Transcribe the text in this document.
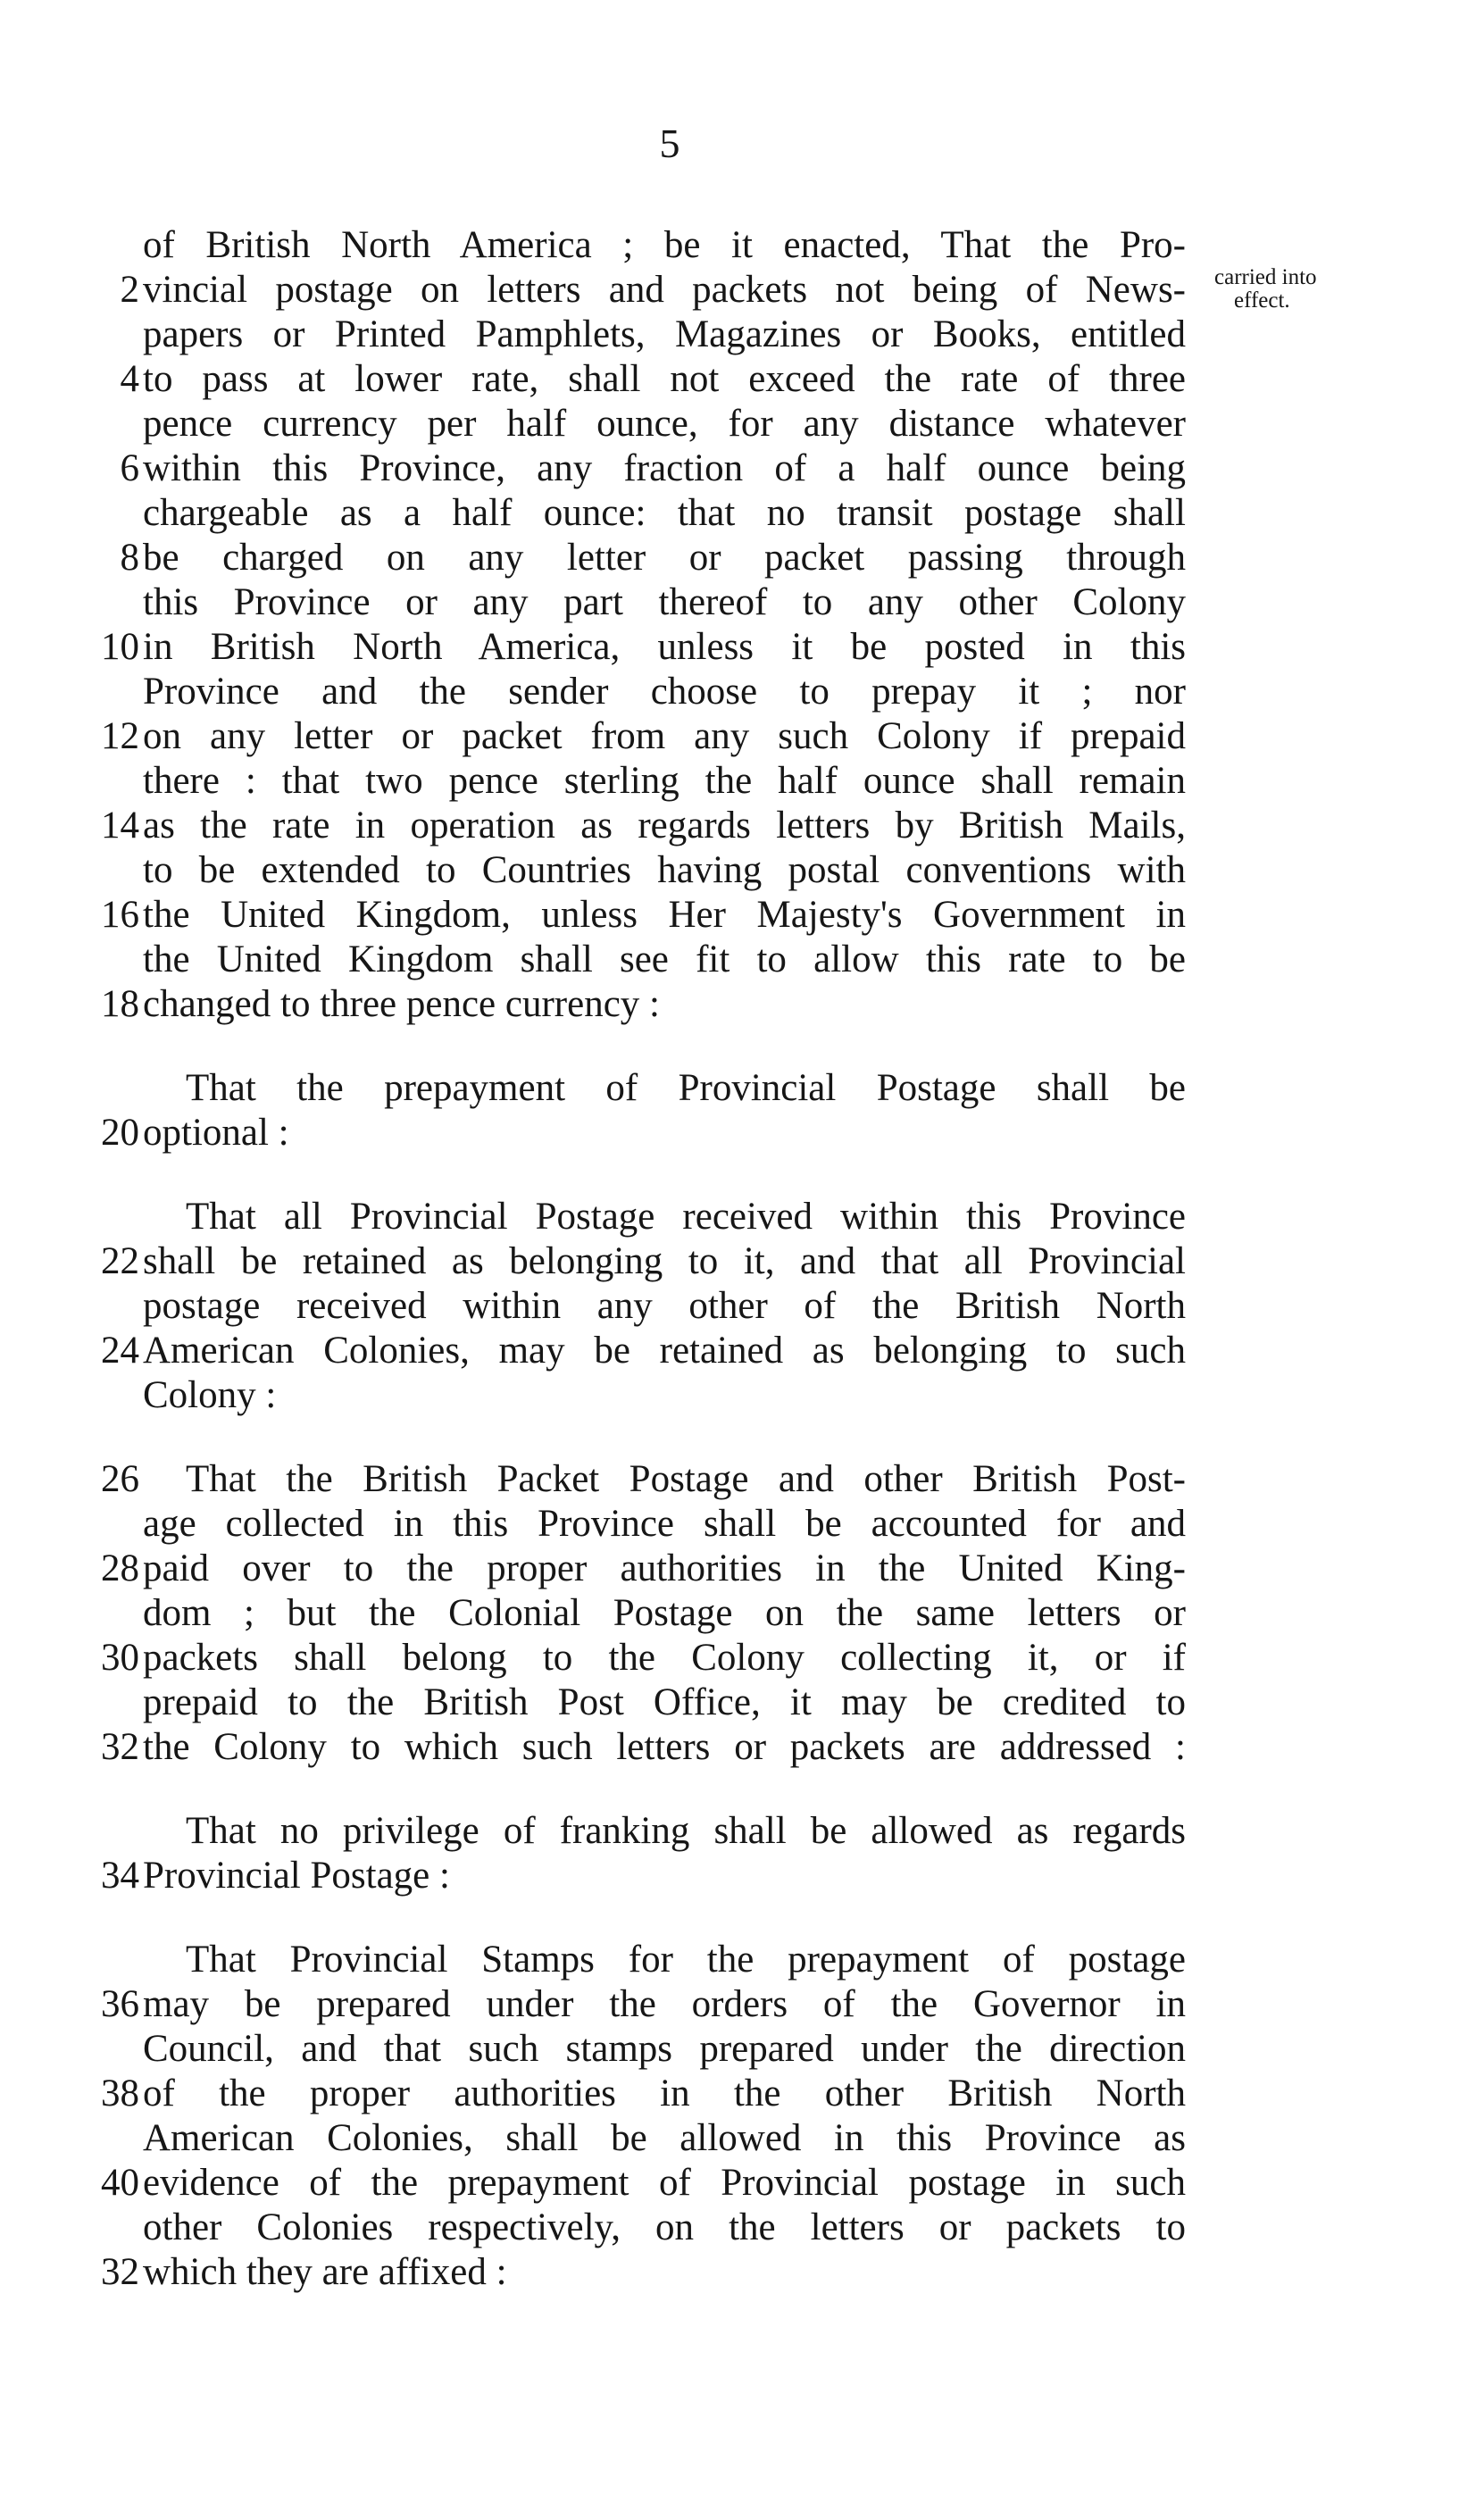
5
carried into
effect.
of British North America ; be it enacted, That the Pro-
2 vincial postage on letters and packets not being of News-
papers or Printed Pamphlets, Magazines or Books, entitled
4 to pass at lower rate, shall not exceed the rate of three
pence currency per half ounce, for any distance whatever
6 within this Province, any fraction of a half ounce being
chargeable as a half ounce: that no transit postage shall
8 be charged on any letter or packet passing through
this Province or any part thereof to any other Colony
10 in British North America, unless it be posted in this
Province and the sender choose to prepay it ; nor
12 on any letter or packet from any such Colony if prepaid
there : that two pence sterling the half ounce shall remain
14 as the rate in operation as regards letters by British Mails,
to be extended to Countries having postal conventions with
16 the United Kingdom, unless Her Majesty's Government in
the United Kingdom shall see fit to allow this rate to be
18 changed to three pence currency :
That the prepayment of Provincial Postage shall be
20 optional :
That all Provincial Postage received within this Province
22 shall be retained as belonging to it, and that all Provincial
postage received within any other of the British North
24 American Colonies, may be retained as belonging to such
Colony :
26 That the British Packet Postage and other British Post-
age collected in this Province shall be accounted for and
28 paid over to the proper authorities in the United King-
dom ; but the Colonial Postage on the same letters or
30 packets shall belong to the Colony collecting it, or if
prepaid to the British Post Office, it may be credited to
32 the Colony to which such letters or packets are addressed :
That no privilege of franking shall be allowed as regards
34 Provincial Postage :
That Provincial Stamps for the prepayment of postage
36 may be prepared under the orders of the Governor in
Council, and that such stamps prepared under the direction
38 of the proper authorities in the other British North
American Colonies, shall be allowed in this Province as
40 evidence of the prepayment of Provincial postage in such
other Colonies respectively, on the letters or packets to
32 which they are affixed :
